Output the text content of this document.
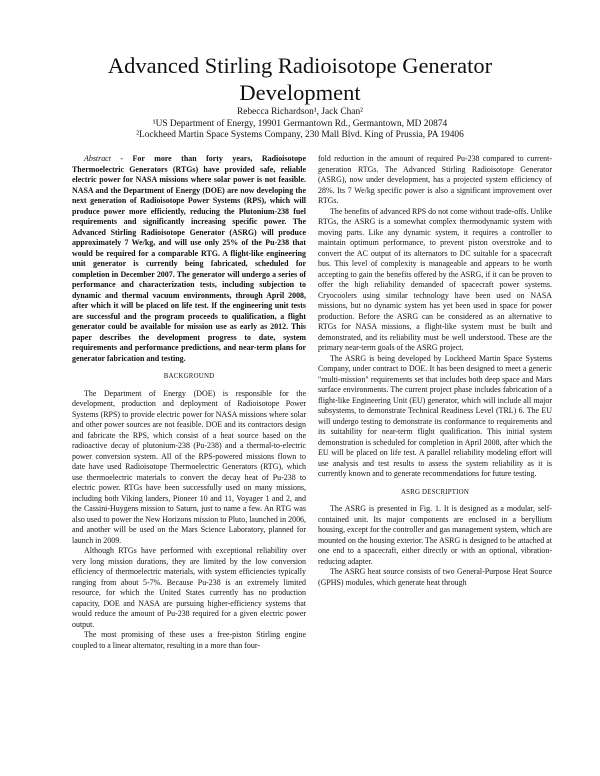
Advanced Stirling Radioisotope Generator Development
Rebecca Richardson¹, Jack Chan²
¹US Department of Energy, 19901 Germantown Rd., Germantown, MD 20874
²Lockheed Martin Space Systems Company, 230 Mall Blvd. King of Prussia, PA 19406

Abstract - For more than forty years, Radioisotope Thermoelectric Generators (RTGs) have provided safe, reliable electric power for NASA missions where solar power is not feasible. NASA and the Department of Energy (DOE) are now developing the next generation of Radioisotope Power Systems (RPS), which will produce power more efficiently, reducing the Plutonium-238 fuel requirements and significantly increasing specific power. The Advanced Stirling Radioisotope Generator (ASRG) will produce approximately 7 We/kg, and will use only 25% of the Pu-238 that would be required for a comparable RTG. A flight-like engineering unit generator is currently being fabricated, scheduled for completion in December 2007. The generator will undergo a series of performance and characterization tests, including subjection to dynamic and thermal vacuum environments, through April 2008, after which it will be placed on life test. If the engineering unit tests are successful and the program proceeds to qualification, a flight generator could be available for mission use as early as 2012. This paper describes the development progress to date, system requirements and performance predictions, and near-term plans for generator fabrication and testing.

BACKGROUND

The Department of Energy (DOE) is responsible for the development, production and deployment of Radioisotope Power Systems (RPS) to provide electric power for NASA missions where solar and other power sources are not feasible. DOE and its contractors design and fabricate the RPS, which consist of a heat source based on the radioactive decay of plutonium-238 (Pu-238) and a thermal-to-electric power conversion system. All of the RPS-powered missions flown to date have used Radioisotope Thermoelectric Generators (RTG), which use thermoelectric materials to convert the decay heat of Pu-238 to electric power. RTGs have been successfully used on many missions, including both Viking landers, Pioneer 10 and 11, Voyager 1 and 2, and the Cassini-Huygens mission to Saturn, just to name a few. An RTG was also used to power the New Horizons mission to Pluto, launched in 2006, and another will be used on the Mars Science Laboratory, planned for launch in 2009.

Although RTGs have performed with exceptional reliability over very long mission durations, they are limited by the low conversion efficiency of thermoelectric materials, with system efficiencies typically ranging from about 5-7%. Because Pu-238 is an extremely limited resource, for which the United States currently has no production capacity, DOE and NASA are pursuing higher-efficiency systems that would reduce the amount of Pu-238 required for a given electric power output.

The most promising of these uses a free-piston Stirling engine coupled to a linear alternator, resulting in a more than four-

fold reduction in the amount of required Pu-238 compared to current-generation RTGs. The Advanced Stirling Radioisotope Generator (ASRG), now under development, has a projected system efficiency of 28%. Its 7 We/kg specific power is also a significant improvement over RTGs.

The benefits of advanced RPS do not come without trade-offs. Unlike RTGs, the ASRG is a somewhat complex thermodynamic system with moving parts. Like any dynamic system, it requires a controller to maintain optimum performance, to prevent piston overstroke and to convert the AC output of its alternators to DC suitable for a spacecraft bus. This level of complexity is manageable and appears to be worth accepting to gain the benefits offered by the ASRG, if it can be proven to offer the high reliability demanded of spacecraft power systems. Cryocoolers using similar technology have been used on NASA missions, but no dynamic system has yet been used in space for power production. Before the ASRG can be considered as an alternative to RTGs for NASA missions, a flight-like system must be built and demonstrated, and its reliability must be well understood. These are the primary near-term goals of the ASRG project.

The ASRG is being developed by Lockheed Martin Space Systems Company, under contract to DOE. It has been designed to meet a generic "multi-mission" requirements set that includes both deep space and Mars surface environments. The current project phase includes fabrication of a flight-like Engineering Unit (EU) generator, which will include all major subsystems, to demonstrate Technical Readiness Level (TRL) 6. The EU will undergo testing to demonstrate its conformance to requirements and its suitability for near-term flight qualification. This initial system demonstration is scheduled for completion in April 2008, after which the EU will be placed on life test. A parallel reliability modeling effort will use analysis and test results to assess the system reliability as it is currently known and to generate recommendations for future testing.

ASRG DESCRIPTION

The ASRG is presented in Fig. 1. It is designed as a modular, self-contained unit. Its major components are enclosed in a beryllium housing, except for the controller and gas management system, which are mounted on the housing exterior. The ASRG is designed to be attached at one end to a spacecraft, either directly or with an optional, vibration-reducing adapter.

The ASRG heat source consists of two General-Purpose Heat Source (GPHS) modules, which generate heat through
